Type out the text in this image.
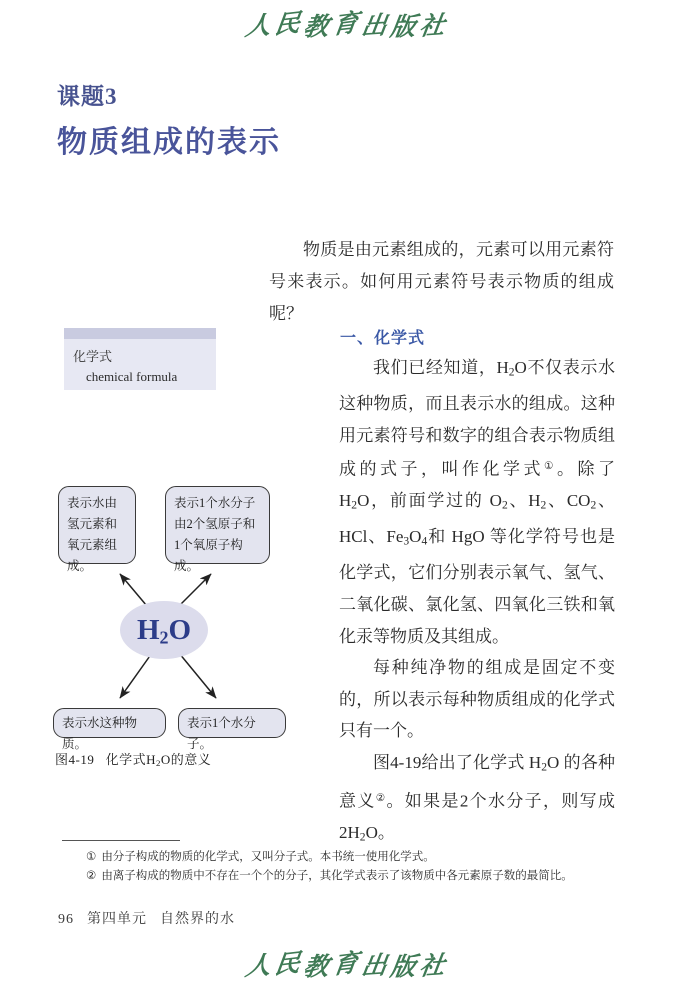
人民教育出版社
课题3
物质组成的表示
物质是由元素组成的，元素可以用元素符号来表示。如何用元素符号表示物质的组成呢？
化学式
chemical formula
一、化学式

我们已经知道，$H_2O$不仅表示水这种物质，而且表示水的组成。这种用元素符号和数字的组合表示物质组成的式子，叫作化学式①。除了 $H_2O$，前面学过的 $O_2$、$H_2$、$CO_2$、HCl、$Fe_3O_4$和 HgO 等化学符号也是化学式，它们分别表示氧气、氢气、二氧化碳、氯化氢、四氧化三铁和氧化汞等物质及其组成。

每种纯净物的组成是固定不变的，所以表示每种物质组成的化学式只有一个。

图4-19给出了化学式 $H_2O$ 的各种意义②。如果是2个水分子，则写成$2H_2O$。

表示水由氢元素和氧元素组成。
表示1个水分子由2个氢原子和1个氧原子构成。
$H_2O$
表示水这种物质。
表示1个水分子。
图4-19 化学式$H_2O$的意义
① 由分子构成的物质的化学式，又叫分子式。本书统一使用化学式。
② 由离子构成的物质中不存在一个个的分子，其化学式表示了该物质中各元素原子数的最简比。
96 第四单元 自然界的水
人民教育出版社
